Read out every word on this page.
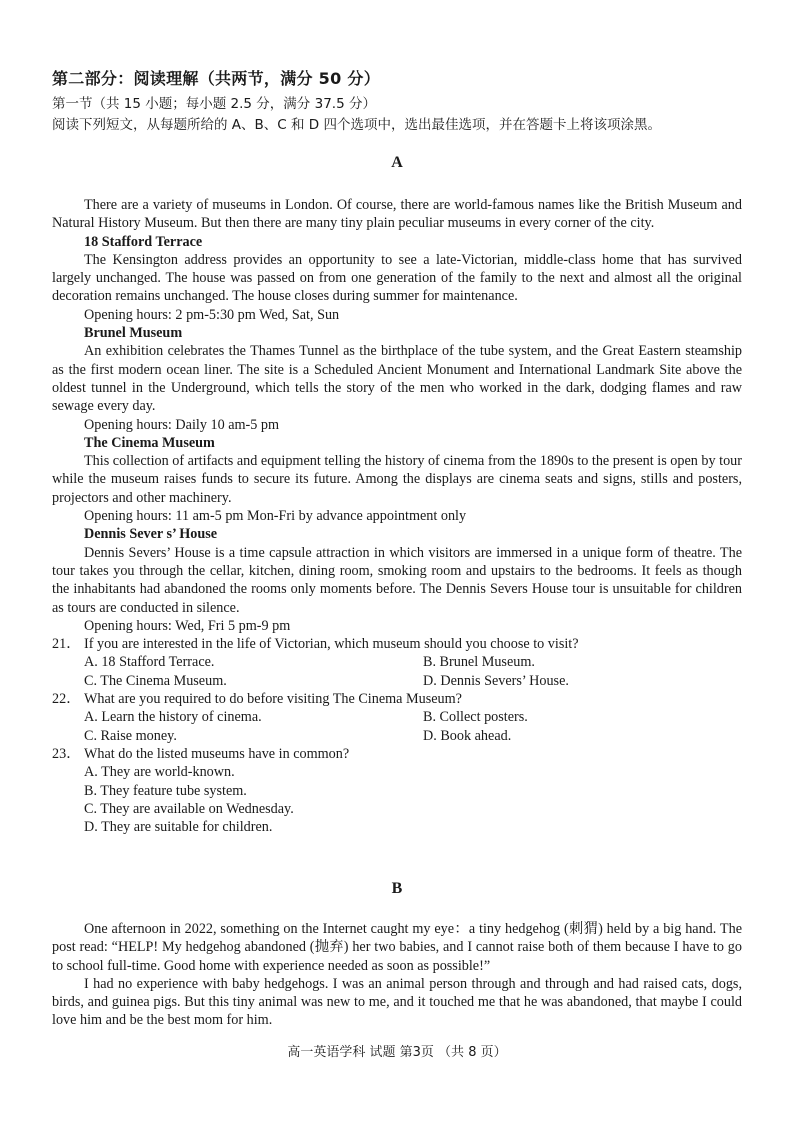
第二部分：阅读理解（共两节，满分 50 分）
第一节（共 15 小题；每小题 2.5 分，满分 37.5 分）
阅读下列短文，从每题所给的 A、B、C 和 D 四个选项中，选出最佳选项，并在答题卡上将该项涂黑。
A

There are a variety of museums in London. Of course, there are world-famous names like the British Museum and Natural History Museum. But then there are many tiny plain peculiar museums in every corner of the city.

18 Stafford Terrace

The Kensington address provides an opportunity to see a late-Victorian, middle-class home that has survived largely unchanged. The house was passed on from one generation of the family to the next and almost all the original decoration remains unchanged. The house closes during summer for maintenance.

Opening hours: 2 pm-5:30 pm Wed, Sat, Sun

Brunel Museum

An exhibition celebrates the Thames Tunnel as the birthplace of the tube system, and the Great Eastern steamship as the first modern ocean liner. The site is a Scheduled Ancient Monument and International Landmark Site above the oldest tunnel in the Underground, which tells the story of the men who worked in the dark, dodging flames and raw sewage every day.

Opening hours: Daily 10 am-5 pm

The Cinema Museum

This collection of artifacts and equipment telling the history of cinema from the 1890s to the present is open by tour while the museum raises funds to secure its future. Among the displays are cinema seats and signs, stills and posters, projectors and other machinery.

Opening hours: 11 am-5 pm Mon-Fri by advance appointment only

Dennis Sever s’ House

Dennis Severs’ House is a time capsule attraction in which visitors are immersed in a unique form of theatre. The tour takes you through the cellar, kitchen, dining room, smoking room and upstairs to the bedrooms. It feels as though the inhabitants had abandoned the rooms only moments before. The Dennis Severs House tour is unsuitable for children as tours are conducted in silence.

Opening hours: Wed, Fri 5 pm-9 pm

21． If you are interested in the life of Victorian, which museum should you choose to visit?

A. 18 Stafford Terrace.	B. Brunel Museum.
C. The Cinema Museum.	D. Dennis Severs’ House.

22． What are you required to do before visiting The Cinema Museum?

A. Learn the history of cinema.	B. Collect posters.
C. Raise money.	D. Book ahead.

23． What do the listed museums have in common?

A. They are world-known.

B. They feature tube system.

C. They are available on Wednesday.

D. They are suitable for children.

B

One afternoon in 2022, something on the Internet caught my eye：a tiny hedgehog (刺猬) held by a big hand. The post read: “HELP! My hedgehog abandoned (抛弃) her two babies, and I cannot raise both of them because I have to go to school full-time. Good home with experience needed as soon as possible!”

I had no experience with baby hedgehogs. I was an animal person through and through and had raised cats, dogs, birds, and guinea pigs. But this tiny animal was new to me, and it touched me that he was abandoned, that maybe I could love him and be the best mom for him.

高一英语学科 试题 第3页 （共 8 页）
